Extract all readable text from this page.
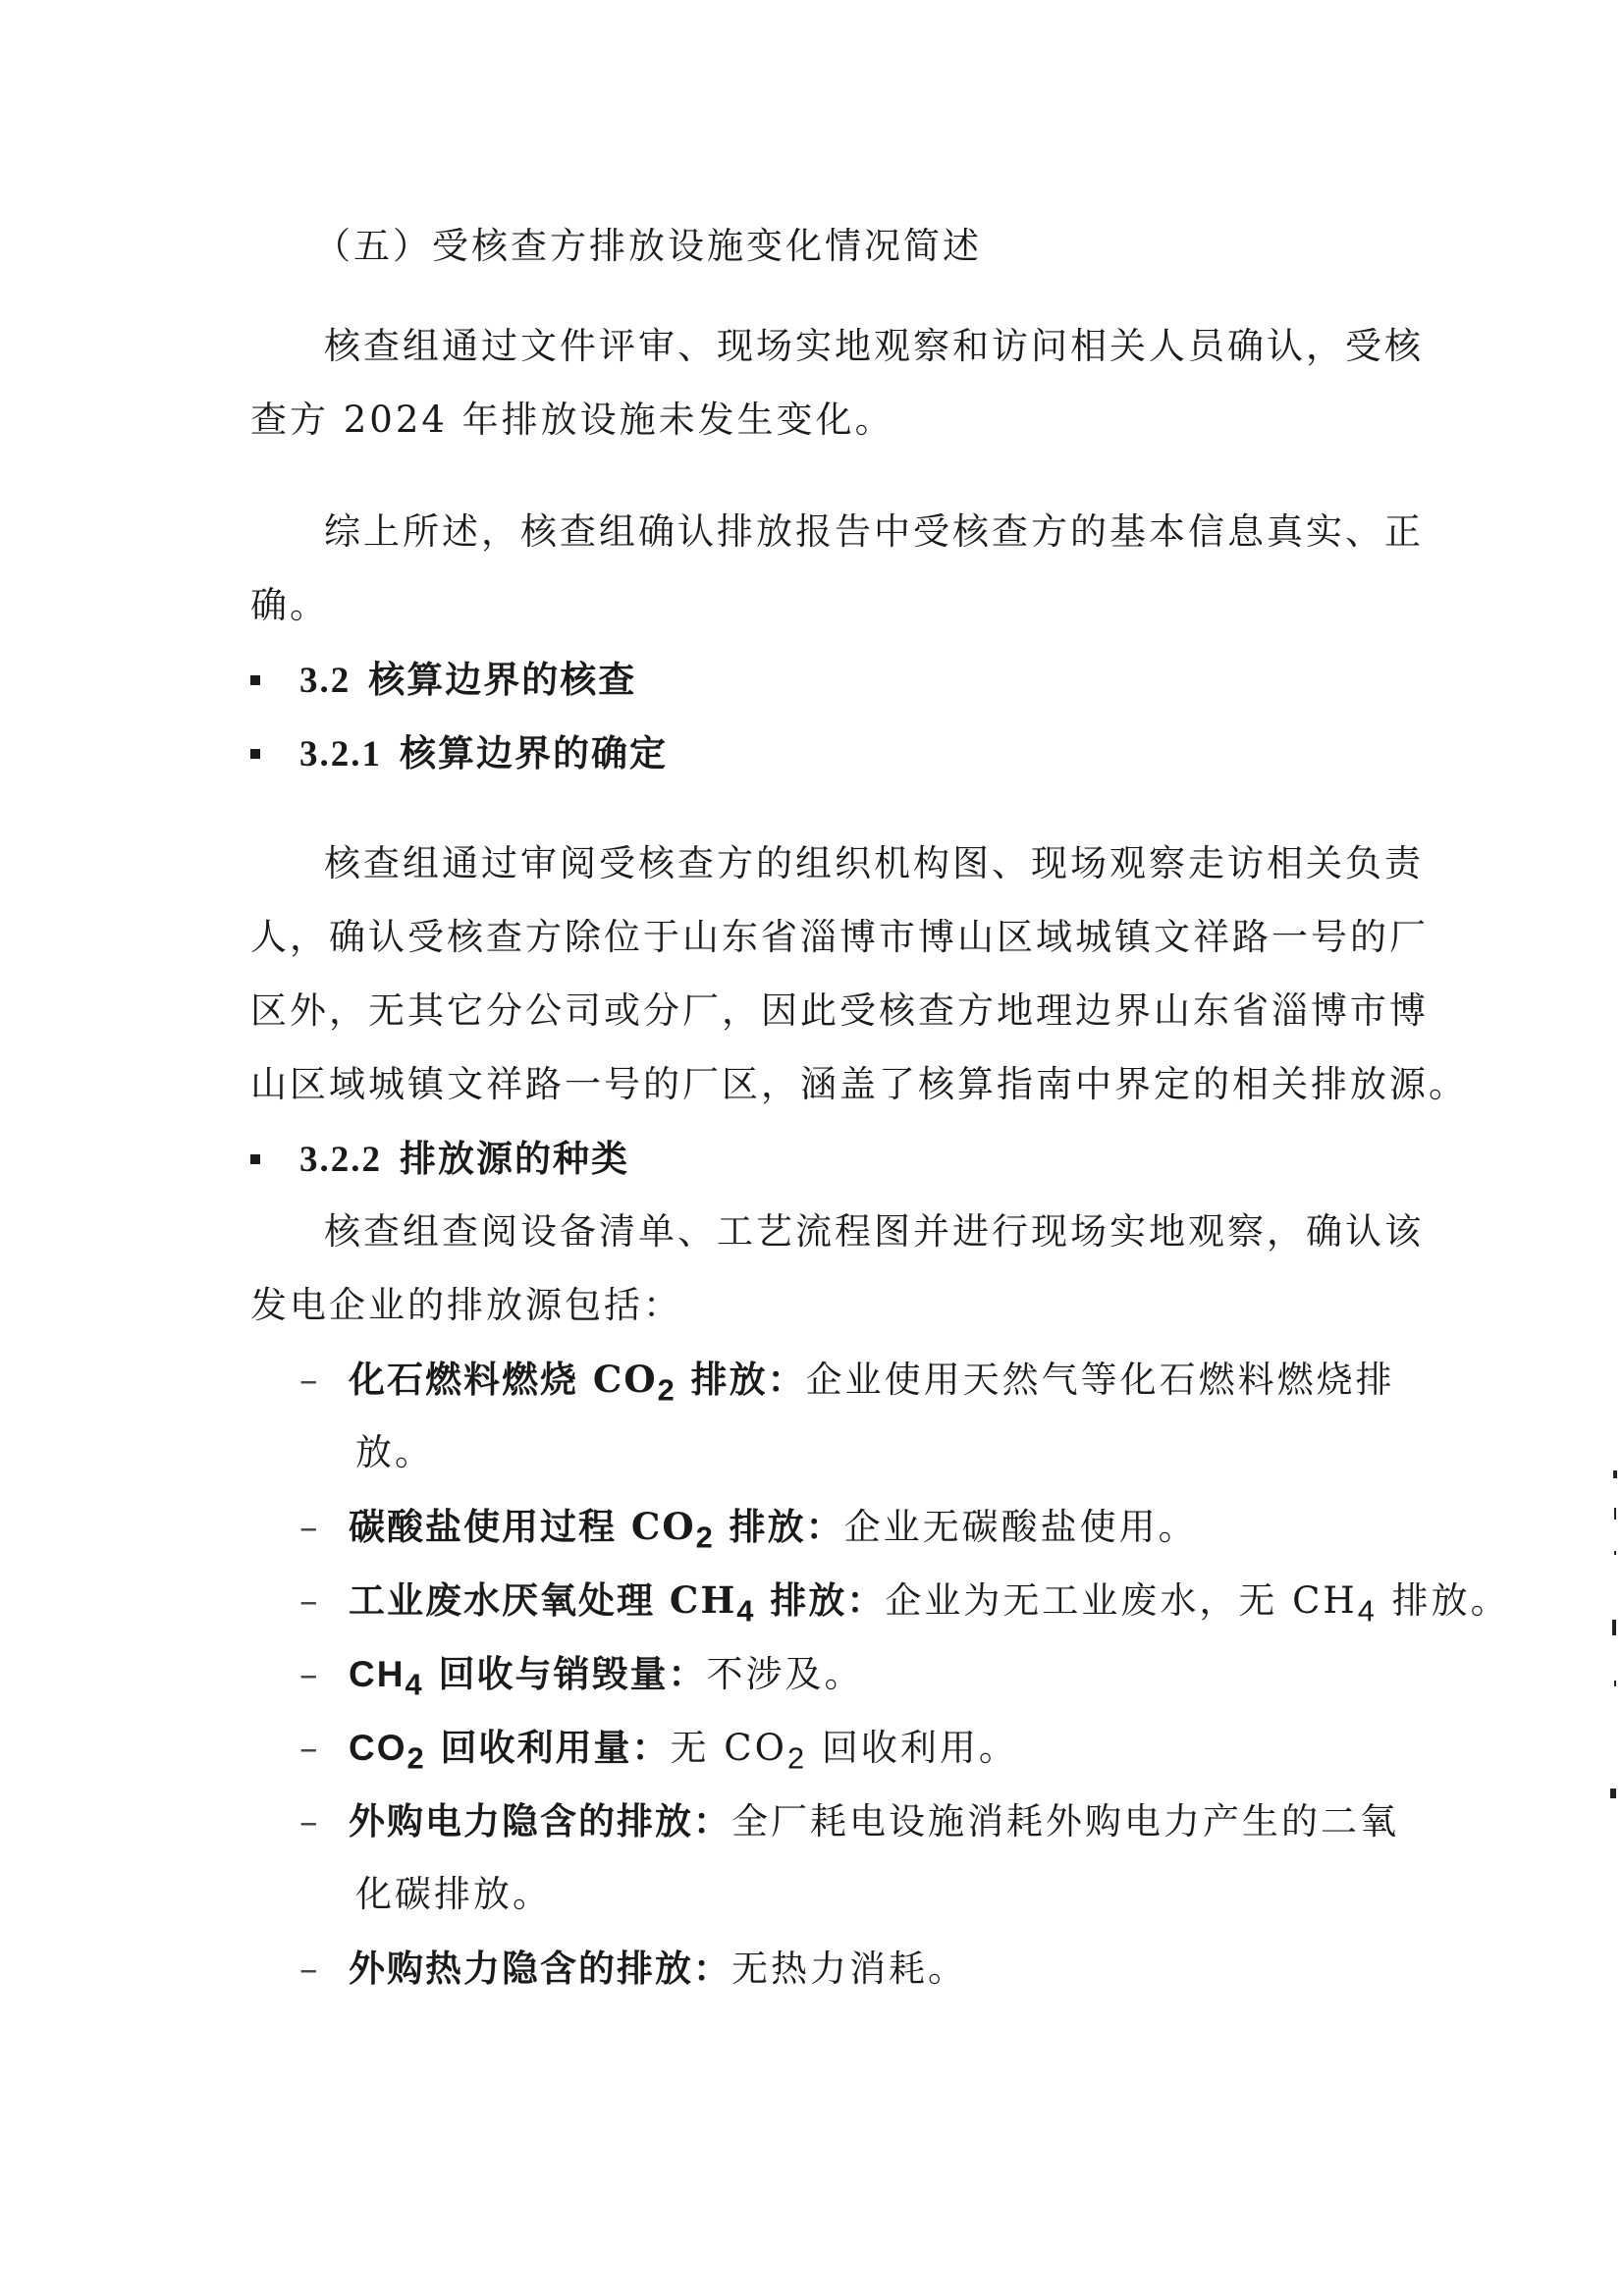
（五）受核查方排放设施变化情况简述
核查组通过文件评审、现场实地观察和访问相关人员确认，受核
查方 2024 年排放设施未发生变化。
综上所述，核查组确认排放报告中受核查方的基本信息真实、正
确。
3.2 核算边界的核查
3.2.1 核算边界的确定
核查组通过审阅受核查方的组织机构图、现场观察走访相关负责
人，确认受核查方除位于山东省淄博市博山区域城镇文祥路一号的厂
区外，无其它分公司或分厂，因此受核查方地理边界山东省淄博市博
山区域城镇文祥路一号的厂区，涵盖了核算指南中界定的相关排放源。
3.2.2 排放源的种类
核查组查阅设备清单、工艺流程图并进行现场实地观察，确认该
发电企业的排放源包括：
– 化石燃料燃烧 $CO_2$ 排放：企业使用天然气等化石燃料燃烧排
放。
– 碳酸盐使用过程 $CO_2$ 排放：企业无碳酸盐使用。
– 工业废水厌氧处理 $CH_4$ 排放：企业为无工业废水，无 $CH_4$ 排放。
– $CH_4$ 回收与销毁量：不涉及。
– $CO_2$ 回收利用量：无 $CO_2$ 回收利用。
– 外购电力隐含的排放：全厂耗电设施消耗外购电力产生的二氧
化碳排放。
– 外购热力隐含的排放：无热力消耗。
